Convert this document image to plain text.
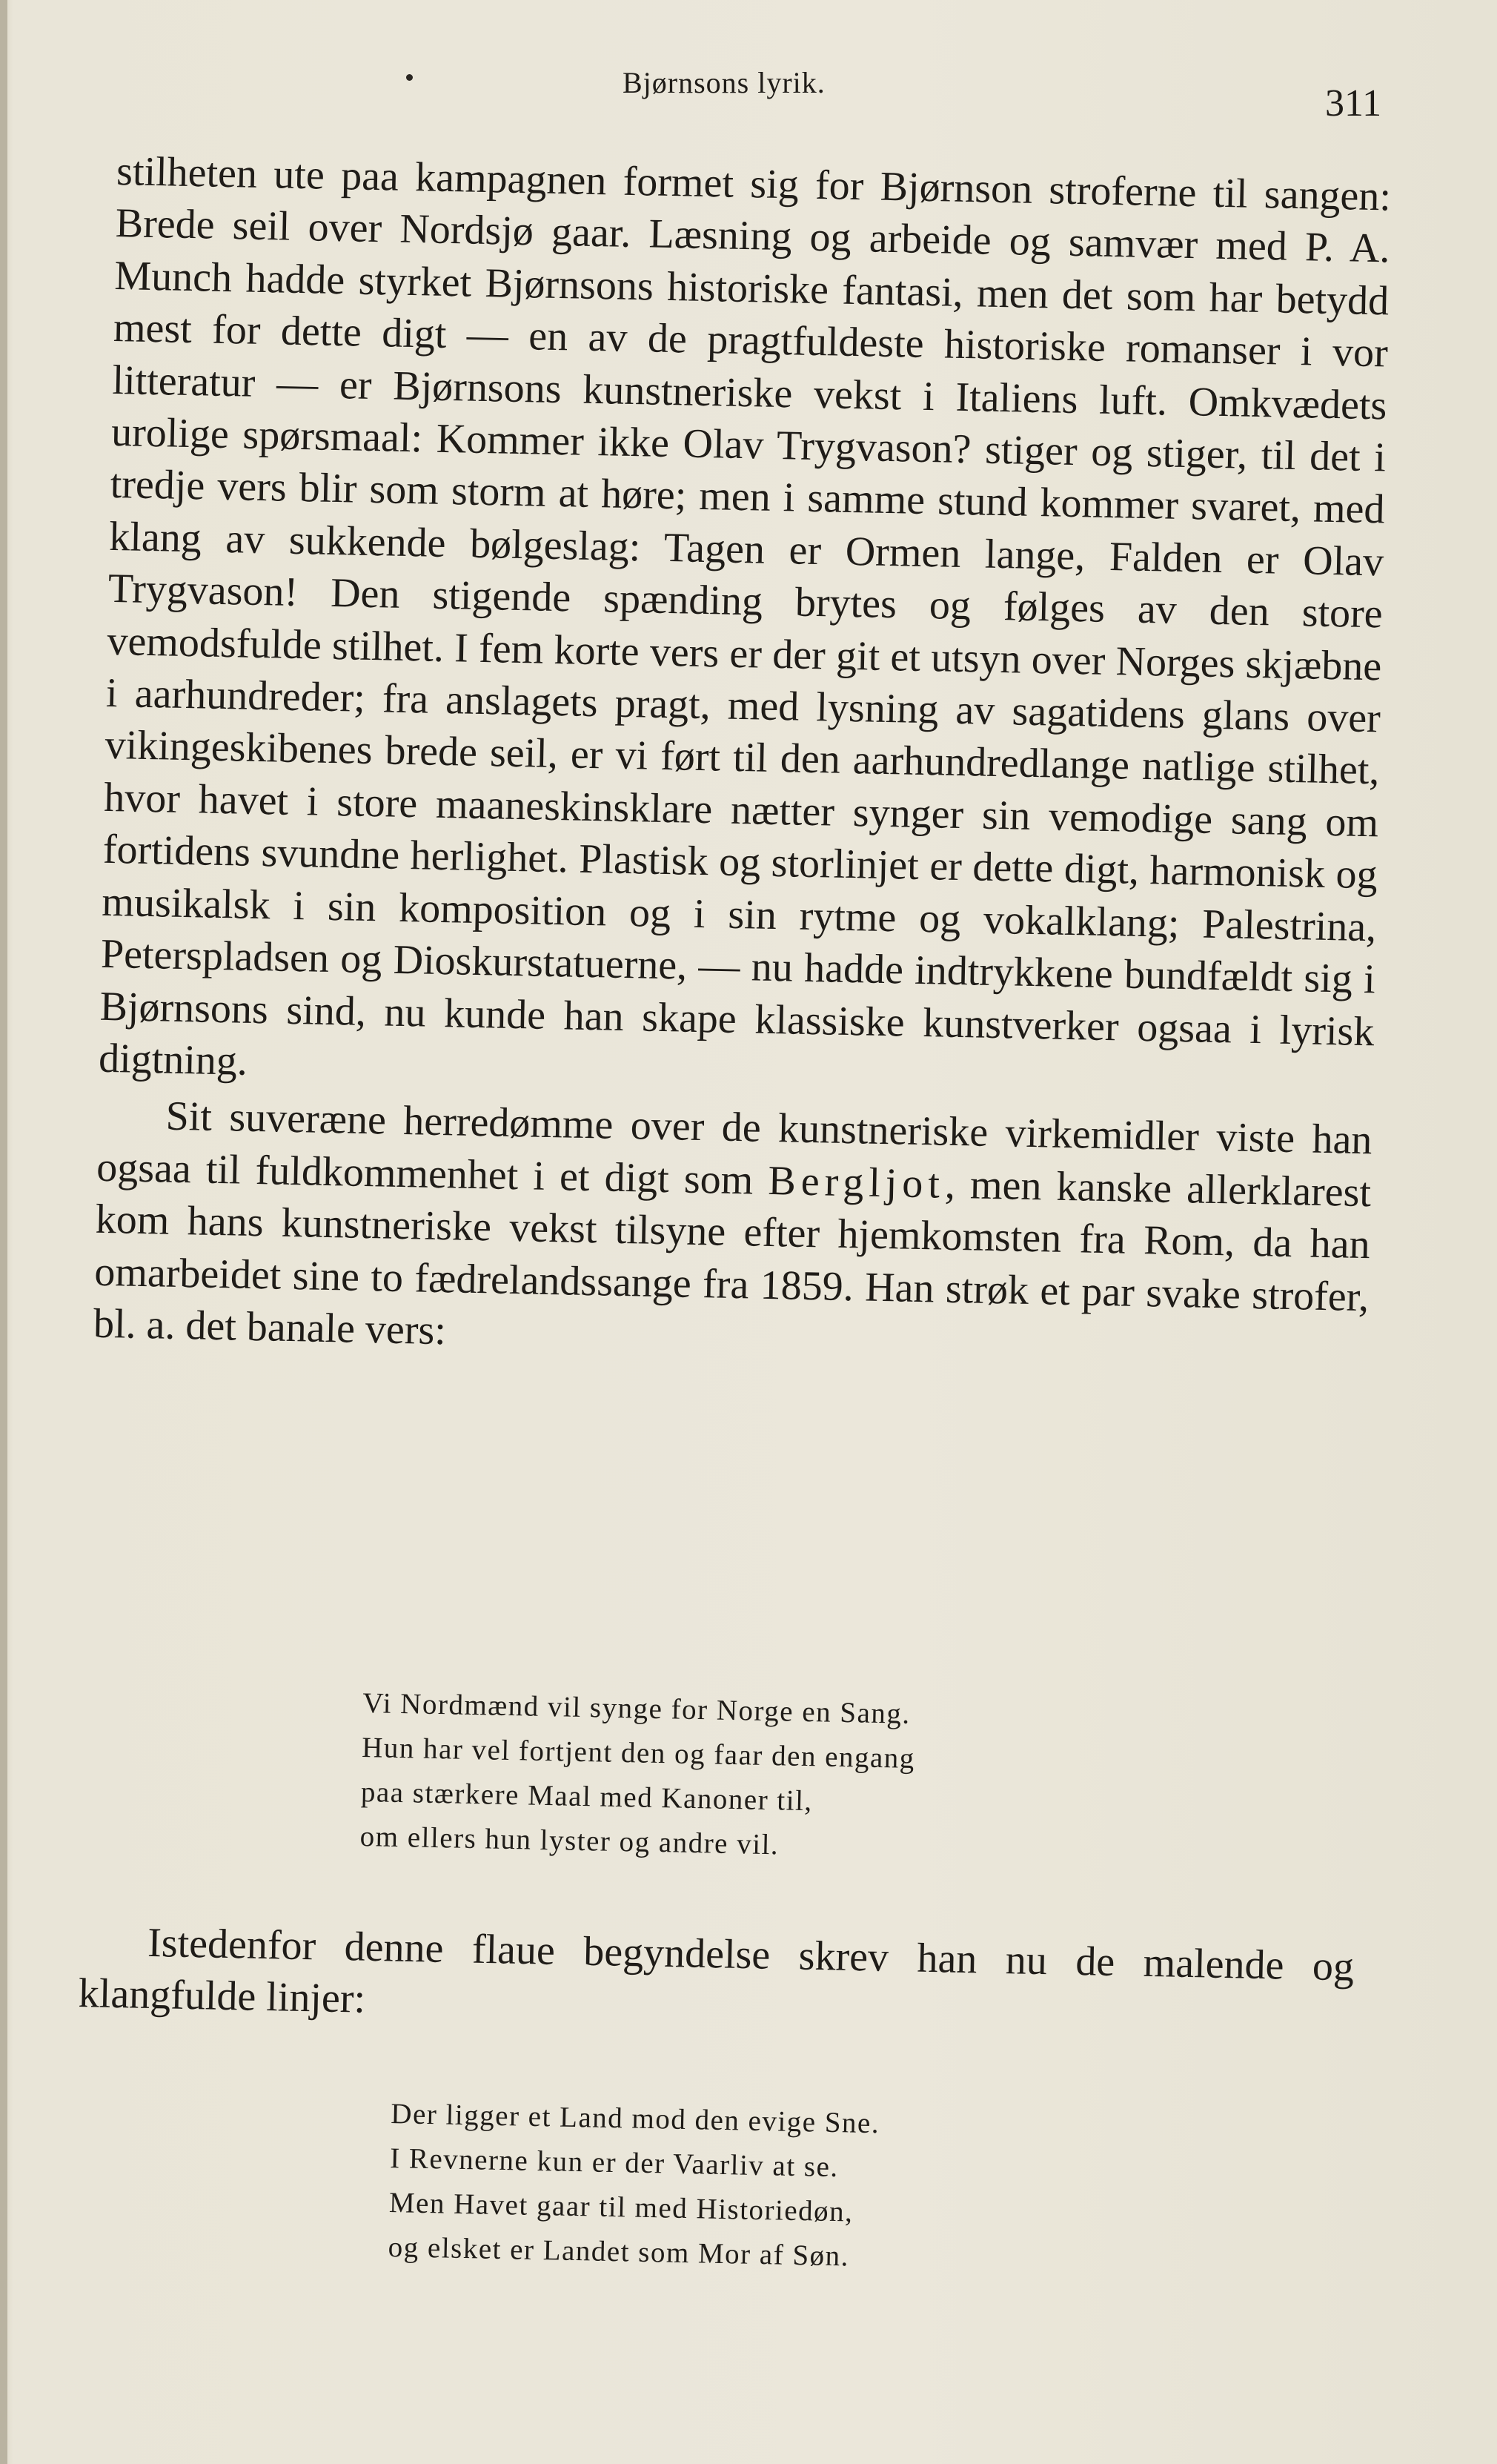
Bjørnsons lyrik.	311

stilheten ute paa kampagnen formet sig for Bjørnson stroferne til sangen: Brede seil over Nordsjø gaar. Læsning og arbeide og samvær med P. A. Munch hadde styrket Bjørnsons historiske fantasi, men det som har betydd mest for dette digt — en av de pragtfuldeste historiske romanser i vor litteratur — er Bjørnsons kunstneriske vekst i Italiens luft. Omkvædets urolige spørsmaal: Kommer ikke Olav Trygvason? stiger og stiger, til det i tredje vers blir som storm at høre; men i samme stund kommer svaret, med klang av sukkende bølgeslag: Tagen er Ormen lange, Falden er Olav Trygvason! Den stigende spænding brytes og følges av den store vemodsfulde stilhet. I fem korte vers er der git et utsyn over Norges skjæbne i aarhundreder; fra anslagets pragt, med lysning av sagatidens glans over vikingeskibenes brede seil, er vi ført til den aarhundredlange natlige stilhet, hvor havet i store maaneskinsklare nætter synger sin vemodige sang om fortidens svundne herlighet. Plastisk og storlinjet er dette digt, harmonisk og musikalsk i sin komposition og i sin rytme og vokalklang; Palestrina, Peterspladsen og Dioskurstatuerne, — nu hadde indtrykkene bundfældt sig i Bjørnsons sind, nu kunde han skape klassiske kunstverker ogsaa i lyrisk digtning.

Sit suveræne herredømme over de kunstneriske virkemidler viste han ogsaa til fuldkommenhet i et digt som Bergljot, men kanske allerklarest kom hans kunstneriske vekst tilsyne efter hjemkomsten fra Rom, da han omarbeidet sine to fædrelandssange fra 1859. Han strøk et par svake strofer, bl. a. det banale vers:

Vi Nordmænd vil synge for Norge en Sang.
Hun har vel fortjent den og faar den engang
paa stærkere Maal med Kanoner til,
om ellers hun lyster og andre vil.
Istedenfor denne flaue begyndelse skrev han nu de malende og klangfulde linjer:
Der ligger et Land mod den evige Sne.
I Revnerne kun er der Vaarliv at se.
Men Havet gaar til med Historiedøn,
og elsket er Landet som Mor af Søn.
